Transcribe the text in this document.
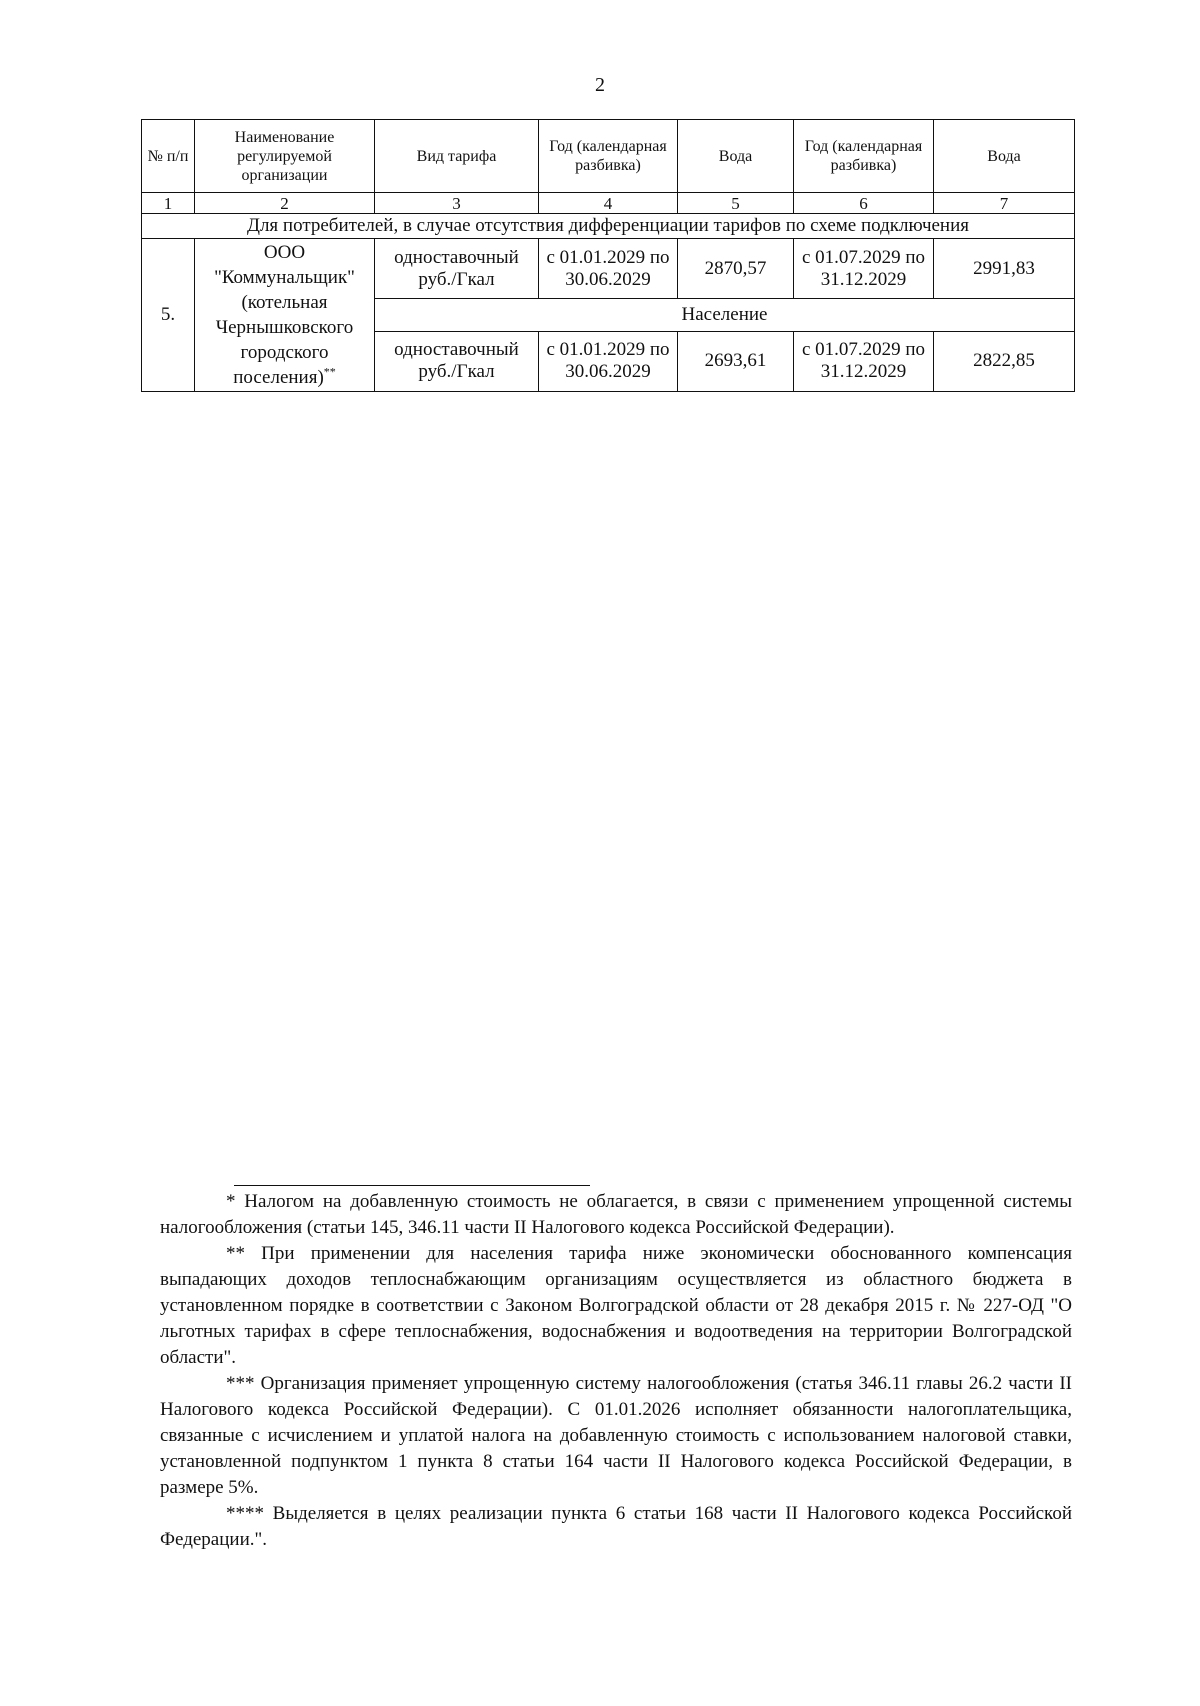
2
№ п/п	Наименование регулируемой организации	Вид тарифа	Год (календарная разбивка)	Вода	Год (календарная разбивка)	Вода
1	2	3	4	5	6	7
Для потребителей, в случае отсутствия дифференциации тарифов по схеме подключения						
5.	ООО "Коммунальщик" (котельная Чернышковского городского поселения)**	одноставочный руб./Гкал	с 01.01.2029 по 30.06.2029	2870,57	с 01.07.2029 по 31.12.2029	2991,83
		Население				
		одноставочный руб./Гкал	с 01.01.2029 по 30.06.2029	2693,61	с 01.07.2029 по 31.12.2029	2822,85

* Налогом на добавленную стоимость не облагается, в связи с применением упрощенной системы налогообложения (статьи 145, 346.11 части II Налогового кодекса Российской Федерации).

** При применении для населения тарифа ниже экономически обоснованного компенсация выпадающих доходов теплоснабжающим организациям осуществляется из областного бюджета в установленном порядке в соответствии с Законом Волгоградской области от 28 декабря 2015 г. № 227-ОД "О льготных тарифах в сфере теплоснабжения, водоснабжения и водоотведения на территории Волгоградской области".

*** Организация применяет упрощенную систему налогообложения (статья 346.11 главы 26.2 части II Налогового кодекса Российской Федерации). С 01.01.2026 исполняет обязанности налогоплательщика, связанные с исчислением и уплатой налога на добавленную стоимость с использованием налоговой ставки, установленной подпунктом 1 пункта 8 статьи 164 части II Налогового кодекса Российской Федерации, в размере 5%.

**** Выделяется в целях реализации пункта 6 статьи 168 части II Налогового кодекса Российской Федерации.".
